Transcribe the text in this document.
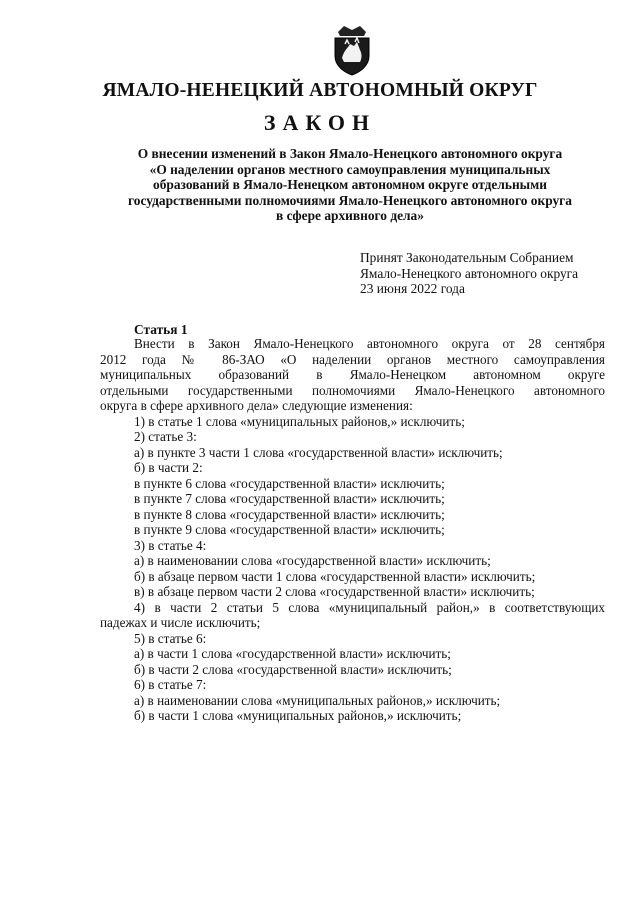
ЯМАЛО-НЕНЕЦКИЙ АВТОНОМНЫЙ ОКРУГ
ЗАКОН
О внесении изменений в Закон Ямало-Ненецкого автономного округа
«О наделении органов местного самоуправления муниципальных
образований в Ямало-Ненецком автономном округе отдельными
государственными полномочиями Ямало-Ненецкого автономного округа
в сфере архивного дела»
Принят Законодательным Собранием
Ямало-Ненецкого автономного округа
23 июня 2022 года
Статья 1
Внести в Закон Ямало-Ненецкого автономного округа от 28 сентября
2012 года № 86-ЗАО «О наделении органов местного самоуправления
муниципальных образований в Ямало-Ненецком автономном округе
отдельными государственными полномочиями Ямало-Ненецкого автономного
округа в сфере архивного дела» следующие изменения:
1) в статье 1 слова «муниципальных районов,» исключить;
2) статье 3:
а) в пункте 3 части 1 слова «государственной власти» исключить;
б) в части 2:
в пункте 6 слова «государственной власти» исключить;
в пункте 7 слова «государственной власти» исключить;
в пункте 8 слова «государственной власти» исключить;
в пункте 9 слова «государственной власти» исключить;
3) в статье 4:
а) в наименовании слова «государственной власти» исключить;
б) в абзаце первом части 1 слова «государственной власти» исключить;
в) в абзаце первом части 2 слова «государственной власти» исключить;
4) в части 2 статьи 5 слова «муниципальный район,» в соответствующих
падежах и числе исключить;
5) в статье 6:
а) в части 1 слова «государственной власти» исключить;
б) в части 2 слова «государственной власти» исключить;
6) в статье 7:
а) в наименовании слова «муниципальных районов,» исключить;
б) в части 1 слова «муниципальных районов,» исключить;
